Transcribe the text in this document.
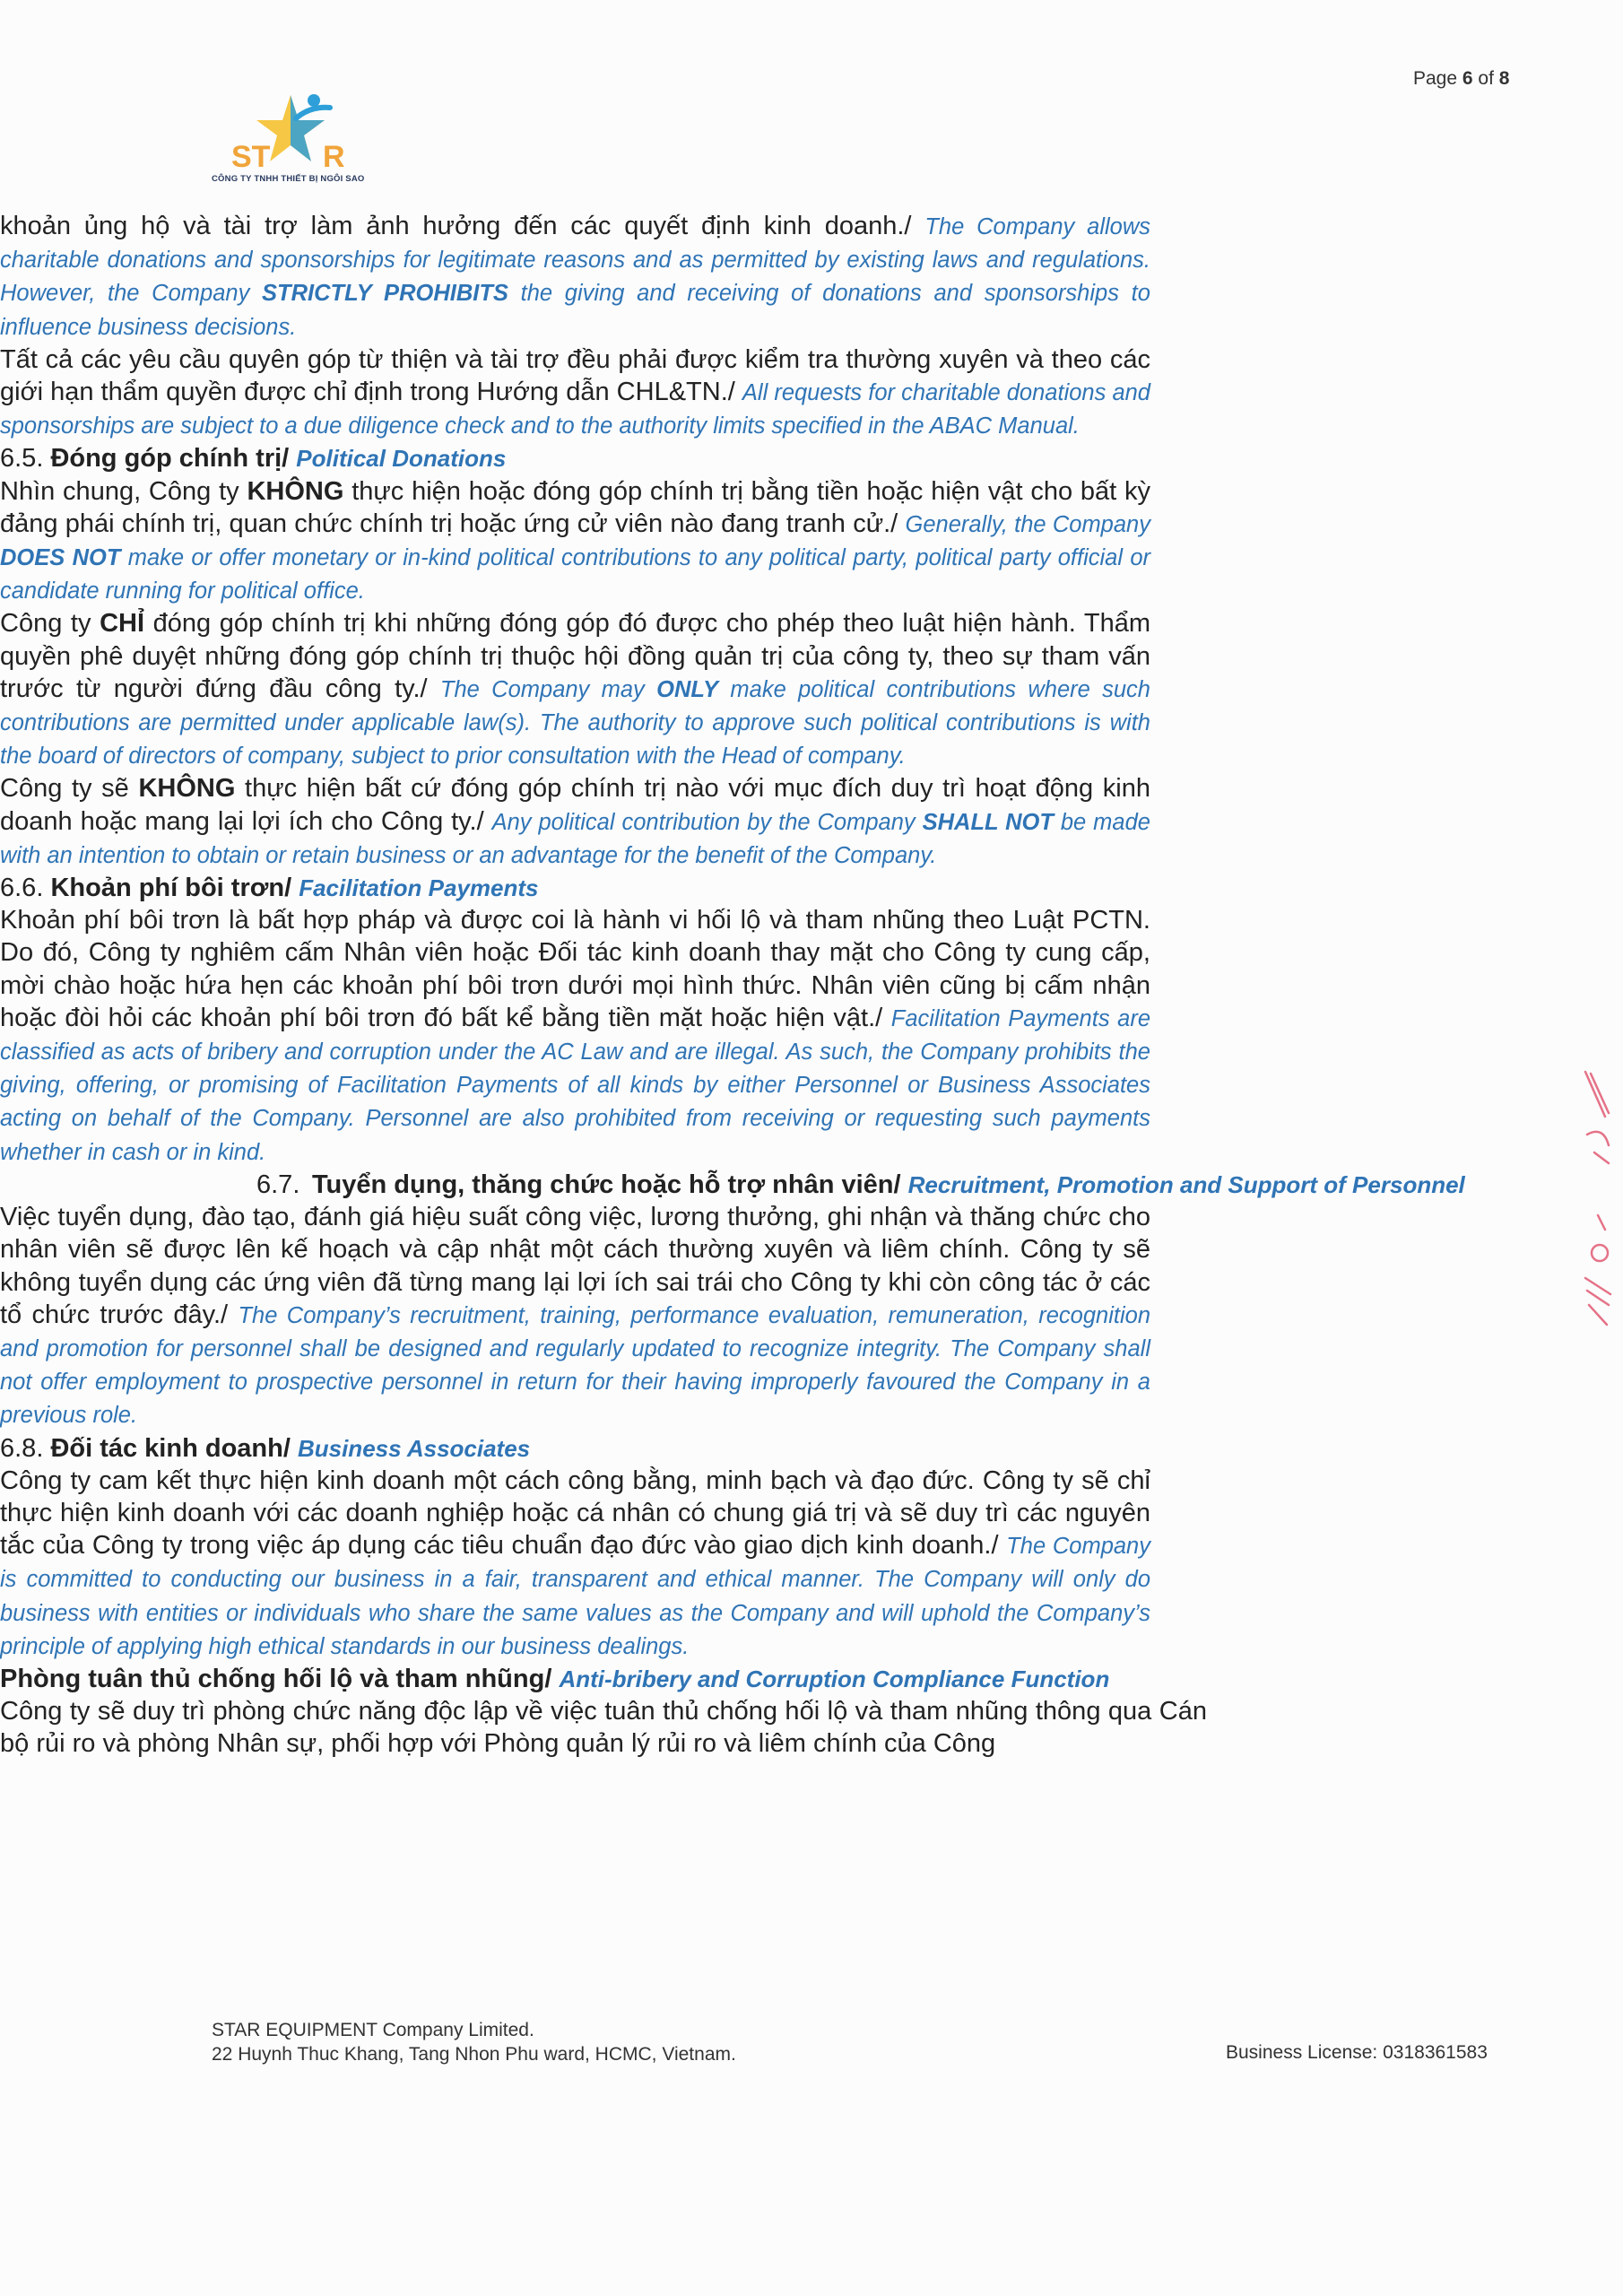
Page 6 of 8
ST R
CÔNG TY TNHH THIẾT BỊ NGÔI SAO

khoản ủng hộ và tài trợ làm ảnh hưởng đến các quyết định kinh doanh./ The Company allows charitable donations and sponsorships for legitimate reasons and as permitted by existing laws and regulations. However, the Company STRICTLY PROHIBITS the giving and receiving of donations and sponsorships to influence business decisions.

Tất cả các yêu cầu quyên góp từ thiện và tài trợ đều phải được kiểm tra thường xuyên và theo các giới hạn thẩm quyền được chỉ định trong Hướng dẫn CHL&TN./ All requests for charitable donations and sponsorships are subject to a due diligence check and to the authority limits specified in the ABAC Manual.

6.5. Đóng góp chính trị/ Political Donations

Nhìn chung, Công ty KHÔNG thực hiện hoặc đóng góp chính trị bằng tiền hoặc hiện vật cho bất kỳ đảng phái chính trị, quan chức chính trị hoặc ứng cử viên nào đang tranh cử./ Generally, the Company DOES NOT make or offer monetary or in-kind political contributions to any political party, political party official or candidate running for political office.

Công ty CHỈ đóng góp chính trị khi những đóng góp đó được cho phép theo luật hiện hành. Thẩm quyền phê duyệt những đóng góp chính trị thuộc hội đồng quản trị của công ty, theo sự tham vấn trước từ người đứng đầu công ty./ The Company may ONLY make political contributions where such contributions are permitted under applicable law(s). The authority to approve such political contributions is with the board of directors of company, subject to prior consultation with the Head of company.

Công ty sẽ KHÔNG thực hiện bất cứ đóng góp chính trị nào với mục đích duy trì hoạt động kinh doanh hoặc mang lại lợi ích cho Công ty./ Any political contribution by the Company SHALL NOT be made with an intention to obtain or retain business or an advantage for the benefit of the Company.

6.6. Khoản phí bôi trơn/ Facilitation Payments

Khoản phí bôi trơn là bất hợp pháp và được coi là hành vi hối lộ và tham nhũng theo Luật PCTN. Do đó, Công ty nghiêm cấm Nhân viên hoặc Đối tác kinh doanh thay mặt cho Công ty cung cấp, mời chào hoặc hứa hẹn các khoản phí bôi trơn dưới mọi hình thức. Nhân viên cũng bị cấm nhận hoặc đòi hỏi các khoản phí bôi trơn đó bất kể bằng tiền mặt hoặc hiện vật./ Facilitation Payments are classified as acts of bribery and corruption under the AC Law and are illegal. As such, the Company prohibits the giving, offering, or promising of Facilitation Payments of all kinds by either Personnel or Business Associates acting on behalf of the Company. Personnel are also prohibited from receiving or requesting such payments whether in cash or in kind.

6.7. Tuyển dụng, thăng chức hoặc hỗ trợ nhân viên/ Recruitment, Promotion and Support of Personnel

Việc tuyển dụng, đào tạo, đánh giá hiệu suất công việc, lương thưởng, ghi nhận và thăng chức cho nhân viên sẽ được lên kế hoạch và cập nhật một cách thường xuyên và liêm chính. Công ty sẽ không tuyển dụng các ứng viên đã từng mang lại lợi ích sai trái cho Công ty khi còn công tác ở các tổ chức trước đây./ The Company’s recruitment, training, performance evaluation, remuneration, recognition and promotion for personnel shall be designed and regularly updated to recognize integrity. The Company shall not offer employment to prospective personnel in return for their having improperly favoured the Company in a previous role.

6.8. Đối tác kinh doanh/ Business Associates

Công ty cam kết thực hiện kinh doanh một cách công bằng, minh bạch và đạo đức. Công ty sẽ chỉ thực hiện kinh doanh với các doanh nghiệp hoặc cá nhân có chung giá trị và sẽ duy trì các nguyên tắc của Công ty trong việc áp dụng các tiêu chuẩn đạo đức vào giao dịch kinh doanh./ The Company is committed to conducting our business in a fair, transparent and ethical manner. The Company will only do business with entities or individuals who share the same values as the Company and will uphold the Company’s principle of applying high ethical standards in our business dealings.

Phòng tuân thủ chống hối lộ và tham nhũng/ Anti-bribery and Corruption Compliance Function

Công ty sẽ duy trì phòng chức năng độc lập về việc tuân thủ chống hối lộ và tham nhũng thông qua Cán bộ rủi ro và phòng Nhân sự, phối hợp với Phòng quản lý rủi ro và liêm chính của Công

STAR EQUIPMENT Company Limited.
22 Huynh Thuc Khang, Tang Nhon Phu ward, HCMC, Vietnam.	Business License: 0318361583
